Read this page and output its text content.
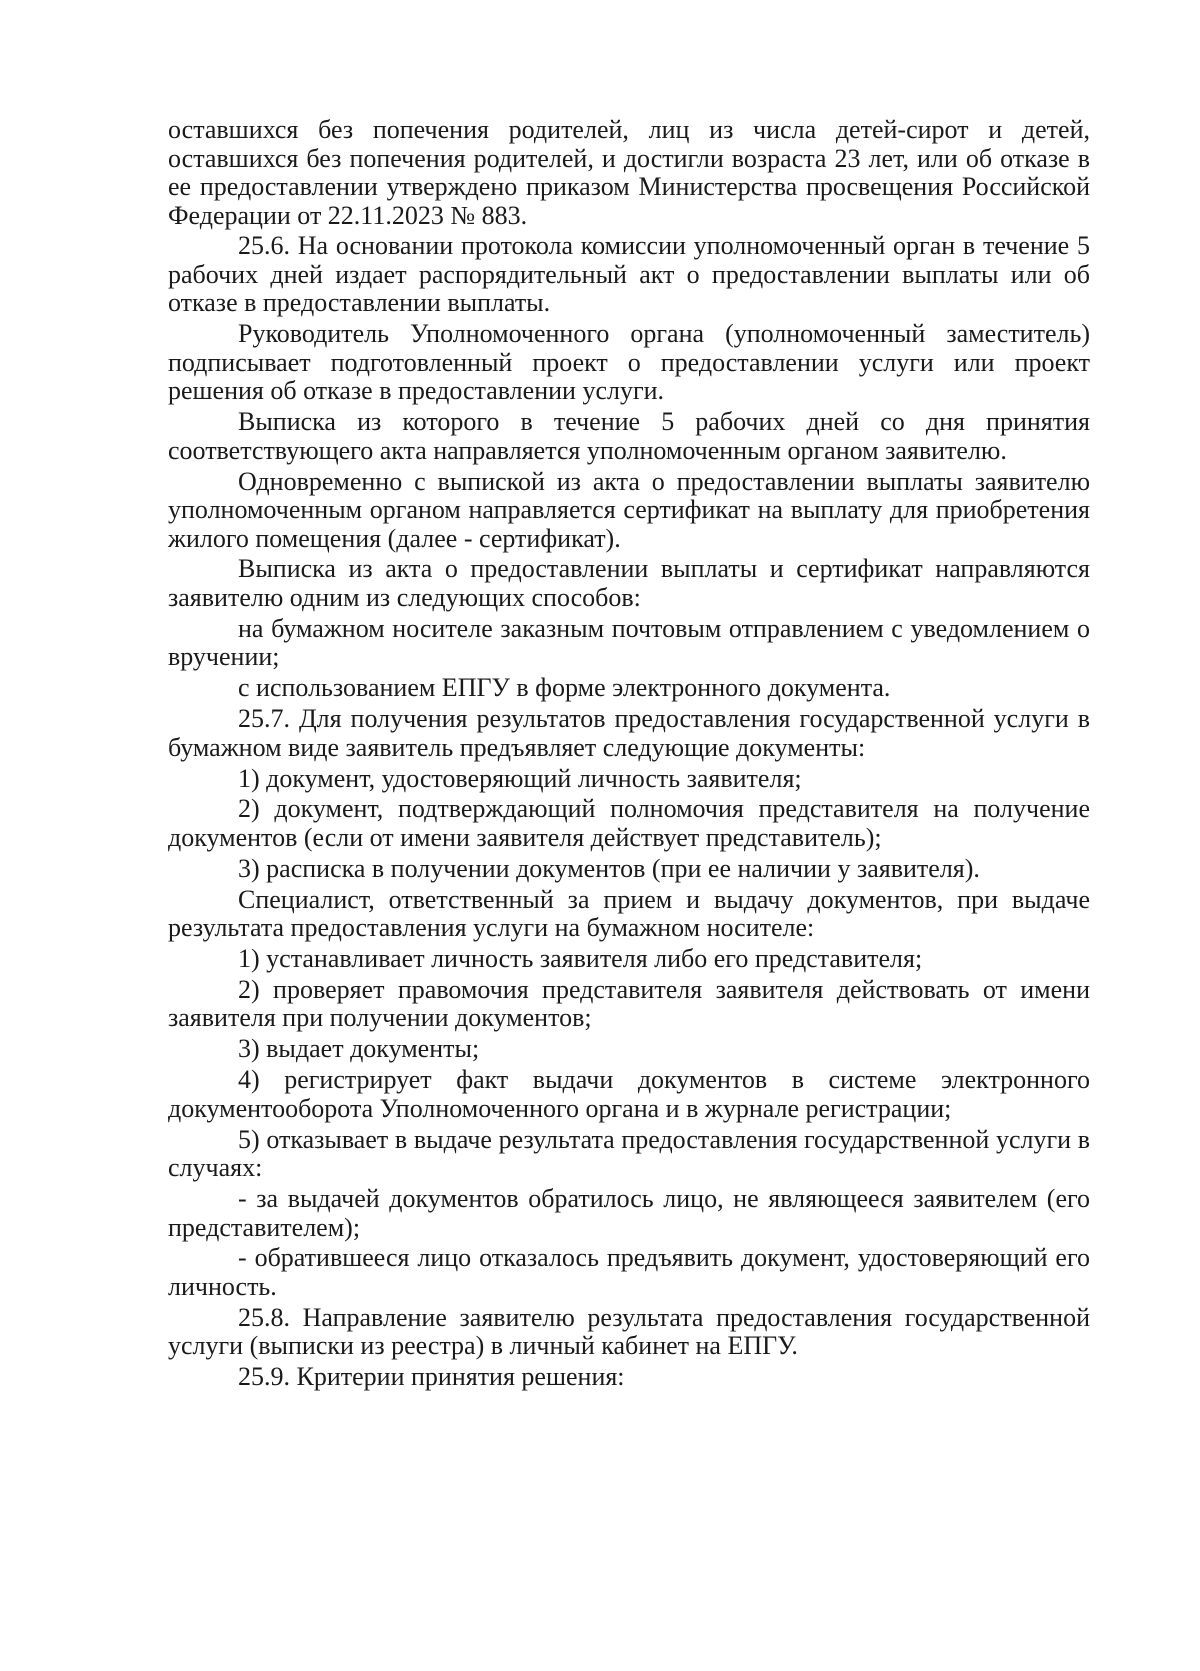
оставшихся без попечения родителей, лиц из числа детей-сирот и детей, оставшихся без попечения родителей, и достигли возраста 23 лет, или об отказе в ее предоставлении утверждено приказом Министерства просвещения Российской Федерации от 22.11.2023 № 883.

25.6. На основании протокола комиссии уполномоченный орган в течение 5 рабочих дней издает распорядительный акт о предоставлении выплаты или об отказе в предоставлении выплаты.

Руководитель Уполномоченного органа (уполномоченный заместитель) подписывает подготовленный проект о предоставлении услуги или проект решения об отказе в предоставлении услуги.

Выписка из которого в течение 5 рабочих дней со дня принятия соответствующего акта направляется уполномоченным органом заявителю.

Одновременно с выпиской из акта о предоставлении выплаты заявителю уполномоченным органом направляется сертификат на выплату для приобретения жилого помещения (далее - сертификат).

Выписка из акта о предоставлении выплаты и сертификат направляются заявителю одним из следующих способов:

на бумажном носителе заказным почтовым отправлением с уведомлением о вручении;

с использованием ЕПГУ в форме электронного документа.

25.7. Для получения результатов предоставления государственной услуги в бумажном виде заявитель предъявляет следующие документы:

1) документ, удостоверяющий личность заявителя;

2) документ, подтверждающий полномочия представителя на получение документов (если от имени заявителя действует представитель);

3) расписка в получении документов (при ее наличии у заявителя).

Специалист, ответственный за прием и выдачу документов, при выдаче результата предоставления услуги на бумажном носителе:

1) устанавливает личность заявителя либо его представителя;

2) проверяет правомочия представителя заявителя действовать от имени заявителя при получении документов;

3) выдает документы;

4) регистрирует факт выдачи документов в системе электронного документооборота Уполномоченного органа и в журнале регистрации;

5) отказывает в выдаче результата предоставления государственной услуги в случаях:

- за выдачей документов обратилось лицо, не являющееся заявителем (его представителем);

- обратившееся лицо отказалось предъявить документ, удостоверяющий его личность.

25.8. Направление заявителю результата предоставления государственной услуги (выписки из реестра) в личный кабинет на ЕПГУ.

25.9. Критерии принятия решения:
